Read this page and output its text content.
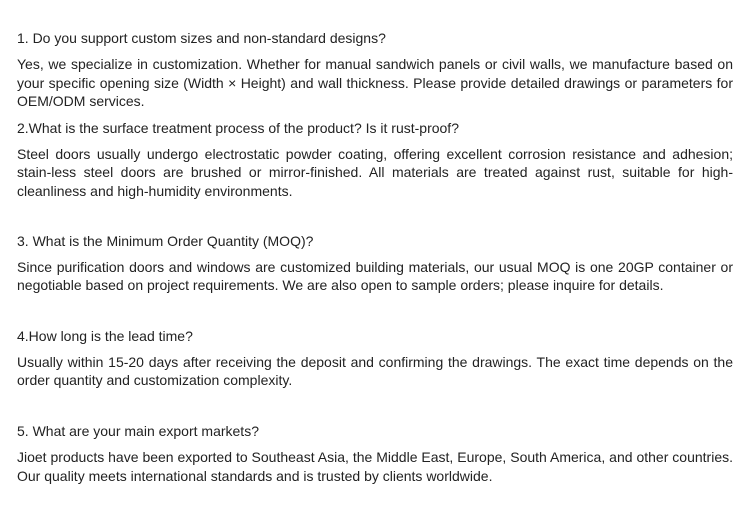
1. Do you support custom sizes and non-standard designs?

Yes, we specialize in customization. Whether for manual sandwich panels or civil walls, we manufacture based on your specific opening size (Width × Height) and wall thickness. Please provide detailed drawings or parameters for OEM/ODM services.

2.What is the surface treatment process of the product? Is it rust-proof?

Steel doors usually undergo electrostatic powder coating, offering excellent corrosion resistance and adhesion; stain-less steel doors are brushed or mirror-finished. All materials are treated against rust, suitable for high-cleanliness and high-humidity environments.

3. What is the Minimum Order Quantity (MOQ)?

Since purification doors and windows are customized building materials, our usual MOQ is one 20GP container or negotiable based on project requirements. We are also open to sample orders; please inquire for details.

4.How long is the lead time?

Usually within 15-20 days after receiving the deposit and confirming the drawings. The exact time depends on the order quantity and customization complexity.

5. What are your main export markets?

Jioet products have been exported to Southeast Asia, the Middle East, Europe, South America, and other countries. Our quality meets international standards and is trusted by clients worldwide.
